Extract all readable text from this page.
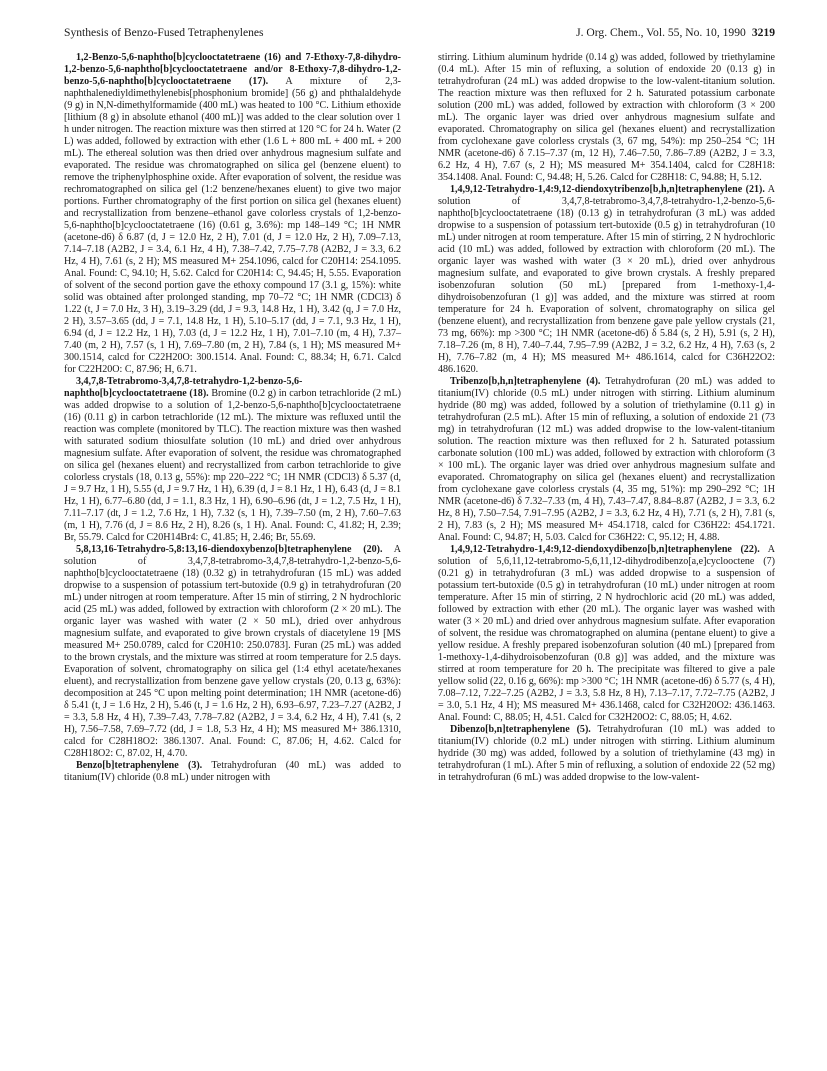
Synthesis of Benzo-Fused Tetraphenylenes	J. Org. Chem., Vol. 55, No. 10, 1990 3219

1,2-Benzo-5,6-naphtho[b]cyclooctatetraene (16) and 7-Ethoxy-7,8-dihydro-1,2-benzo-5,6-naphtho[b]cyclooctatetraene and/or 8-Ethoxy-7,8-dihydro-1,2-benzo-5,6-naphtho[b]cyclooctatetraene (17). A mixture of 2,3-naphthalenediyldimethylenebis[phosphonium bromide] (56 g) and phthalaldehyde (9 g) in N,N-dimethylformamide (400 mL) was heated to 100 °C. Lithium ethoxide [lithium (8 g) in absolute ethanol (400 mL)] was added to the clear solution over 1 h under nitrogen. The reaction mixture was then stirred at 120 °C for 24 h. Water (2 L) was added, followed by extraction with ether (1.6 L + 800 mL + 400 mL + 200 mL). The ethereal solution was then dried over anhydrous magnesium sulfate and evaporated. The residue was chromatographed on silica gel (benzene eluent) to remove the triphenylphosphine oxide. After evaporation of solvent, the residue was rechromatographed on silica gel (1:2 benzene/hexanes eluent) to give two major portions. Further chromatography of the first portion on silica gel (hexanes eluent) and recrystallization from benzene–ethanol gave colorless crystals of 1,2-benzo-5,6-naphtho[b]cyclooctatetraene (16) (0.61 g, 3.6%): mp 148–149 °C; 1H NMR (acetone-d6) δ 6.87 (d, J = 12.0 Hz, 2 H), 7.01 (d, J = 12.0 Hz, 2 H), 7.09–7.13, 7.14–7.18 (A2B2, J = 3.4, 6.1 Hz, 4 H), 7.38–7.42, 7.75–7.78 (A2B2, J = 3.3, 6.2 Hz, 4 H), 7.61 (s, 2 H); MS measured M+ 254.1096, calcd for C20H14: 254.1095. Anal. Found: C, 94.10; H, 5.62. Calcd for C20H14: C, 94.45; H, 5.55. Evaporation of solvent of the second portion gave the ethoxy compound 17 (3.1 g, 15%): white solid was obtained after prolonged standing, mp 70–72 °C; 1H NMR (CDCl3) δ 1.22 (t, J = 7.0 Hz, 3 H), 3.19–3.29 (dd, J = 9.3, 14.8 Hz, 1 H), 3.42 (q, J = 7.0 Hz, 2 H), 3.57–3.65 (dd, J = 7.1, 14.8 Hz, 1 H), 5.10–5.17 (dd, J = 7.1, 9.3 Hz, 1 H), 6.94 (d, J = 12.2 Hz, 1 H), 7.03 (d, J = 12.2 Hz, 1 H), 7.01–7.10 (m, 4 H), 7.37–7.40 (m, 2 H), 7.57 (s, 1 H), 7.69–7.80 (m, 2 H), 7.84 (s, 1 H); MS measured M+ 300.1514, calcd for C22H20O: 300.1514. Anal. Found: C, 88.34; H, 6.71. Calcd for C22H20O: C, 87.96; H, 6.71.

3,4,7,8-Tetrabromo-3,4,7,8-tetrahydro-1,2-benzo-5,6-naphtho[b]cyclooctatetraene (18). Bromine (0.2 g) in carbon tetrachloride (2 mL) was added dropwise to a solution of 1,2-benzo-5,6-naphtho[b]cyclooctatetraene (16) (0.11 g) in carbon tetrachloride (12 mL). The mixture was refluxed until the reaction was complete (monitored by TLC). The reaction mixture was then washed with saturated sodium thiosulfate solution (10 mL) and dried over anhydrous magnesium sulfate. After evaporation of solvent, the residue was chromatographed on silica gel (hexanes eluent) and recrystallized from carbon tetrachloride to give colorless crystals (18, 0.13 g, 55%): mp 220–222 °C; 1H NMR (CDCl3) δ 5.37 (d, J = 9.7 Hz, 1 H), 5.55 (d, J = 9.7 Hz, 1 H), 6.39 (d, J = 8.1 Hz, 1 H), 6.43 (d, J = 8.1 Hz, 1 H), 6.77–6.80 (dd, J = 1.1, 8.3 Hz, 1 H), 6.90–6.96 (dt, J = 1.2, 7.5 Hz, 1 H), 7.11–7.17 (dt, J = 1.2, 7.6 Hz, 1 H), 7.32 (s, 1 H), 7.39–7.50 (m, 2 H), 7.60–7.63 (m, 1 H), 7.76 (d, J = 8.6 Hz, 2 H), 8.26 (s, 1 H). Anal. Found: C, 41.82; H, 2.39; Br, 55.79. Calcd for C20H14Br4: C, 41.85; H, 2.46; Br, 55.69.

5,8,13,16-Tetrahydro-5,8:13,16-diendoxybenzo[b]tetraphenylene (20). A solution of 3,4,7,8-tetrabromo-3,4,7,8-tetrahydro-1,2-benzo-5,6-naphtho[b]cyclooctatetraene (18) (0.32 g) in tetrahydrofuran (15 mL) was added dropwise to a suspension of potassium tert-butoxide (0.9 g) in tetrahydrofuran (20 mL) under nitrogen at room temperature. After 15 min of stirring, 2 N hydrochloric acid (25 mL) was added, followed by extraction with chloroform (2 × 20 mL). The organic layer was washed with water (2 × 50 mL), dried over anhydrous magnesium sulfate, and evaporated to give brown crystals of diacetylene 19 [MS measured M+ 250.0789, calcd for C20H10: 250.0783]. Furan (25 mL) was added to the brown crystals, and the mixture was stirred at room temperature for 2.5 days. Evaporation of solvent, chromatography on silica gel (1:4 ethyl acetate/hexanes eluent), and recrystallization from benzene gave yellow crystals (20, 0.13 g, 63%): decomposition at 245 °C upon melting point determination; 1H NMR (acetone-d6) δ 5.41 (t, J = 1.6 Hz, 2 H), 5.46 (t, J = 1.6 Hz, 2 H), 6.93–6.97, 7.23–7.27 (A2B2, J = 3.3, 5.8 Hz, 4 H), 7.39–7.43, 7.78–7.82 (A2B2, J = 3.4, 6.2 Hz, 4 H), 7.41 (s, 2 H), 7.56–7.58, 7.69–7.72 (dd, J = 1.8, 5.3 Hz, 4 H); MS measured M+ 386.1310, calcd for C28H18O2: 386.1307. Anal. Found: C, 87.06; H, 4.62. Calcd for C28H18O2: C, 87.02, H, 4.70.

Benzo[b]tetraphenylene (3). Tetrahydrofuran (40 mL) was added to titanium(IV) chloride (0.8 mL) under nitrogen with

stirring. Lithium aluminum hydride (0.14 g) was added, followed by triethylamine (0.4 mL). After 15 min of refluxing, a solution of endoxide 20 (0.13 g) in tetrahydrofuran (24 mL) was added dropwise to the low-valent-titanium solution. The reaction mixture was then refluxed for 2 h. Saturated potassium carbonate solution (200 mL) was added, followed by extraction with chloroform (3 × 200 mL). The organic layer was dried over anhydrous magnesium sulfate and evaporated. Chromatography on silica gel (hexanes eluent) and recrystallization from cyclohexane gave colorless crystals (3, 67 mg, 54%): mp 250–254 °C; 1H NMR (acetone-d6) δ 7.15–7.37 (m, 12 H), 7.46–7.50, 7.86–7.89 (A2B2, J = 3.3, 6.2 Hz, 4 H), 7.67 (s, 2 H); MS measured M+ 354.1404, calcd for C28H18: 354.1408. Anal. Found: C, 94.48; H, 5.26. Calcd for C28H18: C, 94.88; H, 5.12.

1,4,9,12-Tetrahydro-1,4:9,12-diendoxytribenzo[b,h,n]tetraphenylene (21). A solution of 3,4,7,8-tetrabromo-3,4,7,8-tetrahydro-1,2-benzo-5,6-naphtho[b]cyclooctatetraene (18) (0.13 g) in tetrahydrofuran (3 mL) was added dropwise to a suspension of potassium tert-butoxide (0.5 g) in tetrahydrofuran (10 mL) under nitrogen at room temperature. After 15 min of stirring, 2 N hydrochloric acid (10 mL) was added, followed by extraction with chloroform (20 mL). The organic layer was washed with water (3 × 20 mL), dried over anhydrous magnesium sulfate, and evaporated to give brown crystals. A freshly prepared isobenzofuran solution (50 mL) [prepared from 1-methoxy-1,4-dihydroisobenzofuran (1 g)] was added, and the mixture was stirred at room temperature for 24 h. Evaporation of solvent, chromatography on silica gel (benzene eluent), and recrystallization from benzene gave pale yellow crystals (21, 73 mg, 66%): mp >300 °C; 1H NMR (acetone-d6) δ 5.84 (s, 2 H), 5.91 (s, 2 H), 7.18–7.26 (m, 8 H), 7.40–7.44, 7.95–7.99 (A2B2, J = 3.2, 6.2 Hz, 4 H), 7.63 (s, 2 H), 7.76–7.82 (m, 4 H); MS measured M+ 486.1614, calcd for C36H22O2: 486.1620.

Tribenzo[b,h,n]tetraphenylene (4). Tetrahydrofuran (20 mL) was added to titanium(IV) chloride (0.5 mL) under nitrogen with stirring. Lithium aluminum hydride (80 mg) was added, followed by a solution of triethylamine (0.11 g) in tetrahydrofuran (2.5 mL). After 15 min of refluxing, a solution of endoxide 21 (73 mg) in tetrahydrofuran (12 mL) was added dropwise to the low-valent-titanium solution. The reaction mixture was then refluxed for 2 h. Saturated potassium carbonate solution (100 mL) was added, followed by extraction with chloroform (3 × 100 mL). The organic layer was dried over anhydrous magnesium sulfate and evaporated. Chromatography on silica gel (hexanes eluent) and recrystallization from cyclohexane gave colorless crystals (4, 35 mg, 51%): mp 290–292 °C; 1H NMR (acetone-d6) δ 7.32–7.33 (m, 4 H), 7.43–7.47, 8.84–8.87 (A2B2, J = 3.3, 6.2 Hz, 8 H), 7.50–7.54, 7.91–7.95 (A2B2, J = 3.3, 6.2 Hz, 4 H), 7.71 (s, 2 H), 7.81 (s, 2 H), 7.83 (s, 2 H); MS measured M+ 454.1718, calcd for C36H22: 454.1721. Anal. Found: C, 94.87; H, 5.03. Calcd for C36H22: C, 95.12; H, 4.88.

1,4,9,12-Tetrahydro-1,4:9,12-diendoxydibenzo[b,n]tetraphenylene (22). A solution of 5,6,11,12-tetrabromo-5,6,11,12-dihydrodibenzo[a,e]cyclooctene (7) (0.21 g) in tetrahydrofuran (3 mL) was added dropwise to a suspension of potassium tert-butoxide (0.5 g) in tetrahydrofuran (10 mL) under nitrogen at room temperature. After 15 min of stirring, 2 N hydrochloric acid (20 mL) was added, followed by extraction with ether (20 mL). The organic layer was washed with water (3 × 20 mL) and dried over anhydrous magnesium sulfate. After evaporation of solvent, the residue was chromatographed on alumina (pentane eluent) to give a yellow residue. A freshly prepared isobenzofuran solution (40 mL) [prepared from 1-methoxy-1,4-dihydroisobenzofuran (0.8 g)] was added, and the mixture was stirred at room temperature for 20 h. The precipitate was filtered to give a pale yellow solid (22, 0.16 g, 66%): mp >300 °C; 1H NMR (acetone-d6) δ 5.77 (s, 4 H), 7.08–7.12, 7.22–7.25 (A2B2, J = 3.3, 5.8 Hz, 8 H), 7.13–7.17, 7.72–7.75 (A2B2, J = 3.0, 5.1 Hz, 4 H); MS measured M+ 436.1468, calcd for C32H20O2: 436.1463. Anal. Found: C, 88.05; H, 4.51. Calcd for C32H20O2: C, 88.05; H, 4.62.

Dibenzo[b,n]tetraphenylene (5). Tetrahydrofuran (10 mL) was added to titanium(IV) chloride (0.2 mL) under nitrogen with stirring. Lithium aluminum hydride (30 mg) was added, followed by a solution of triethylamine (43 mg) in tetrahydrofuran (1 mL). After 5 min of refluxing, a solution of endoxide 22 (52 mg) in tetrahydrofuran (6 mL) was added dropwise to the low-valent-
